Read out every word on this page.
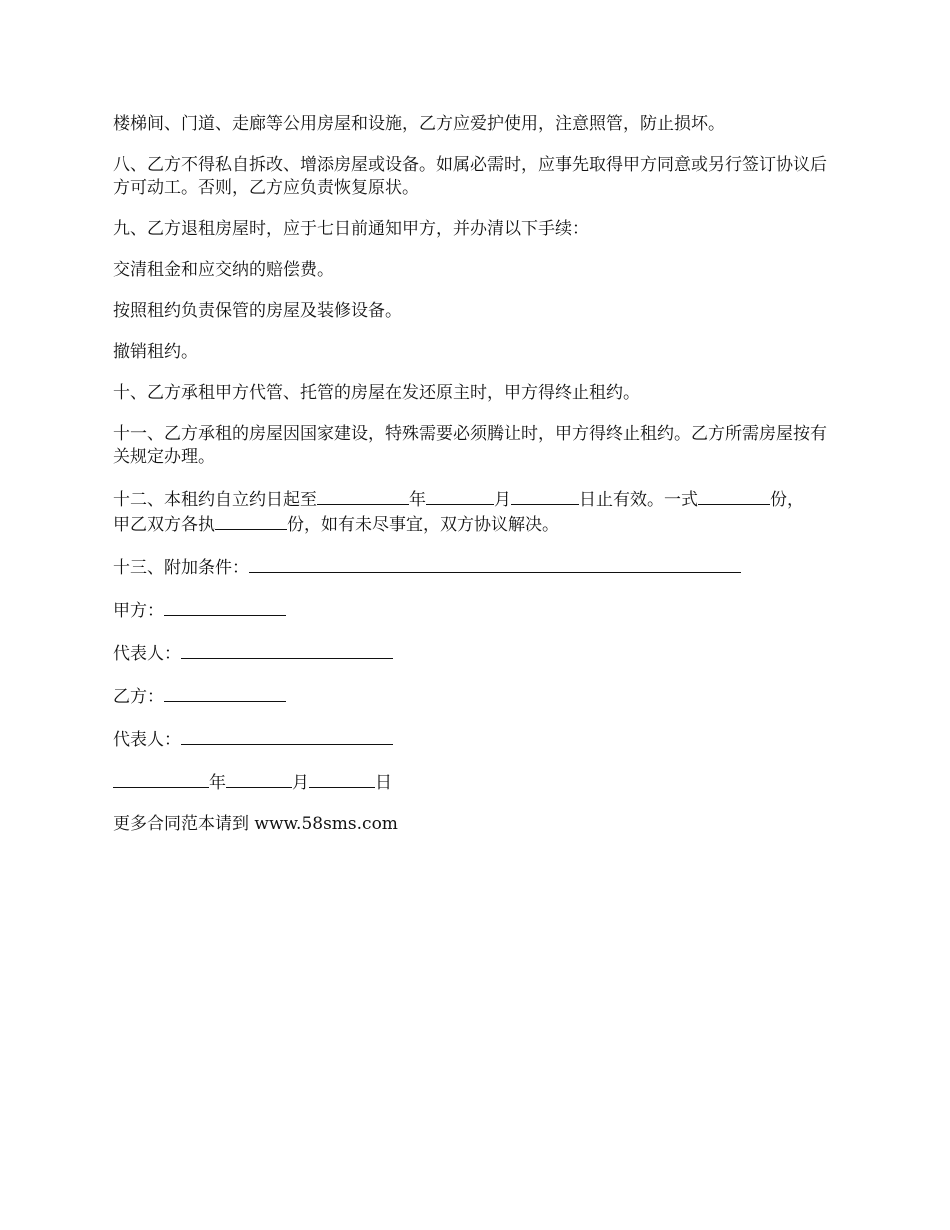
楼梯间、门道、走廊等公用房屋和设施，乙方应爱护使用，注意照管，防止损坏。

八、乙方不得私自拆改、增添房屋或设备。如属必需时，应事先取得甲方同意或另行签订协议后方可动工。否则，乙方应负责恢复原状。

九、乙方退租房屋时，应于七日前通知甲方，并办清以下手续：

交清租金和应交纳的赔偿费。

按照租约负责保管的房屋及装修设备。

撤销租约。

十、乙方承租甲方代管、托管的房屋在发还原主时，甲方得终止租约。

十一、乙方承租的房屋因国家建设，特殊需要必须腾让时，甲方得终止租约。乙方所需房屋按有关规定办理。

十二、本租约自立约日起至	年	月	日止有效。一式	份，
甲乙双方各执	份，如有未尽事宜，双方协议解决。

十三、附加条件：

甲方：

代表人：

乙方：

代表人：

年	月	日

更多合同范本请到 www.58sms.com
